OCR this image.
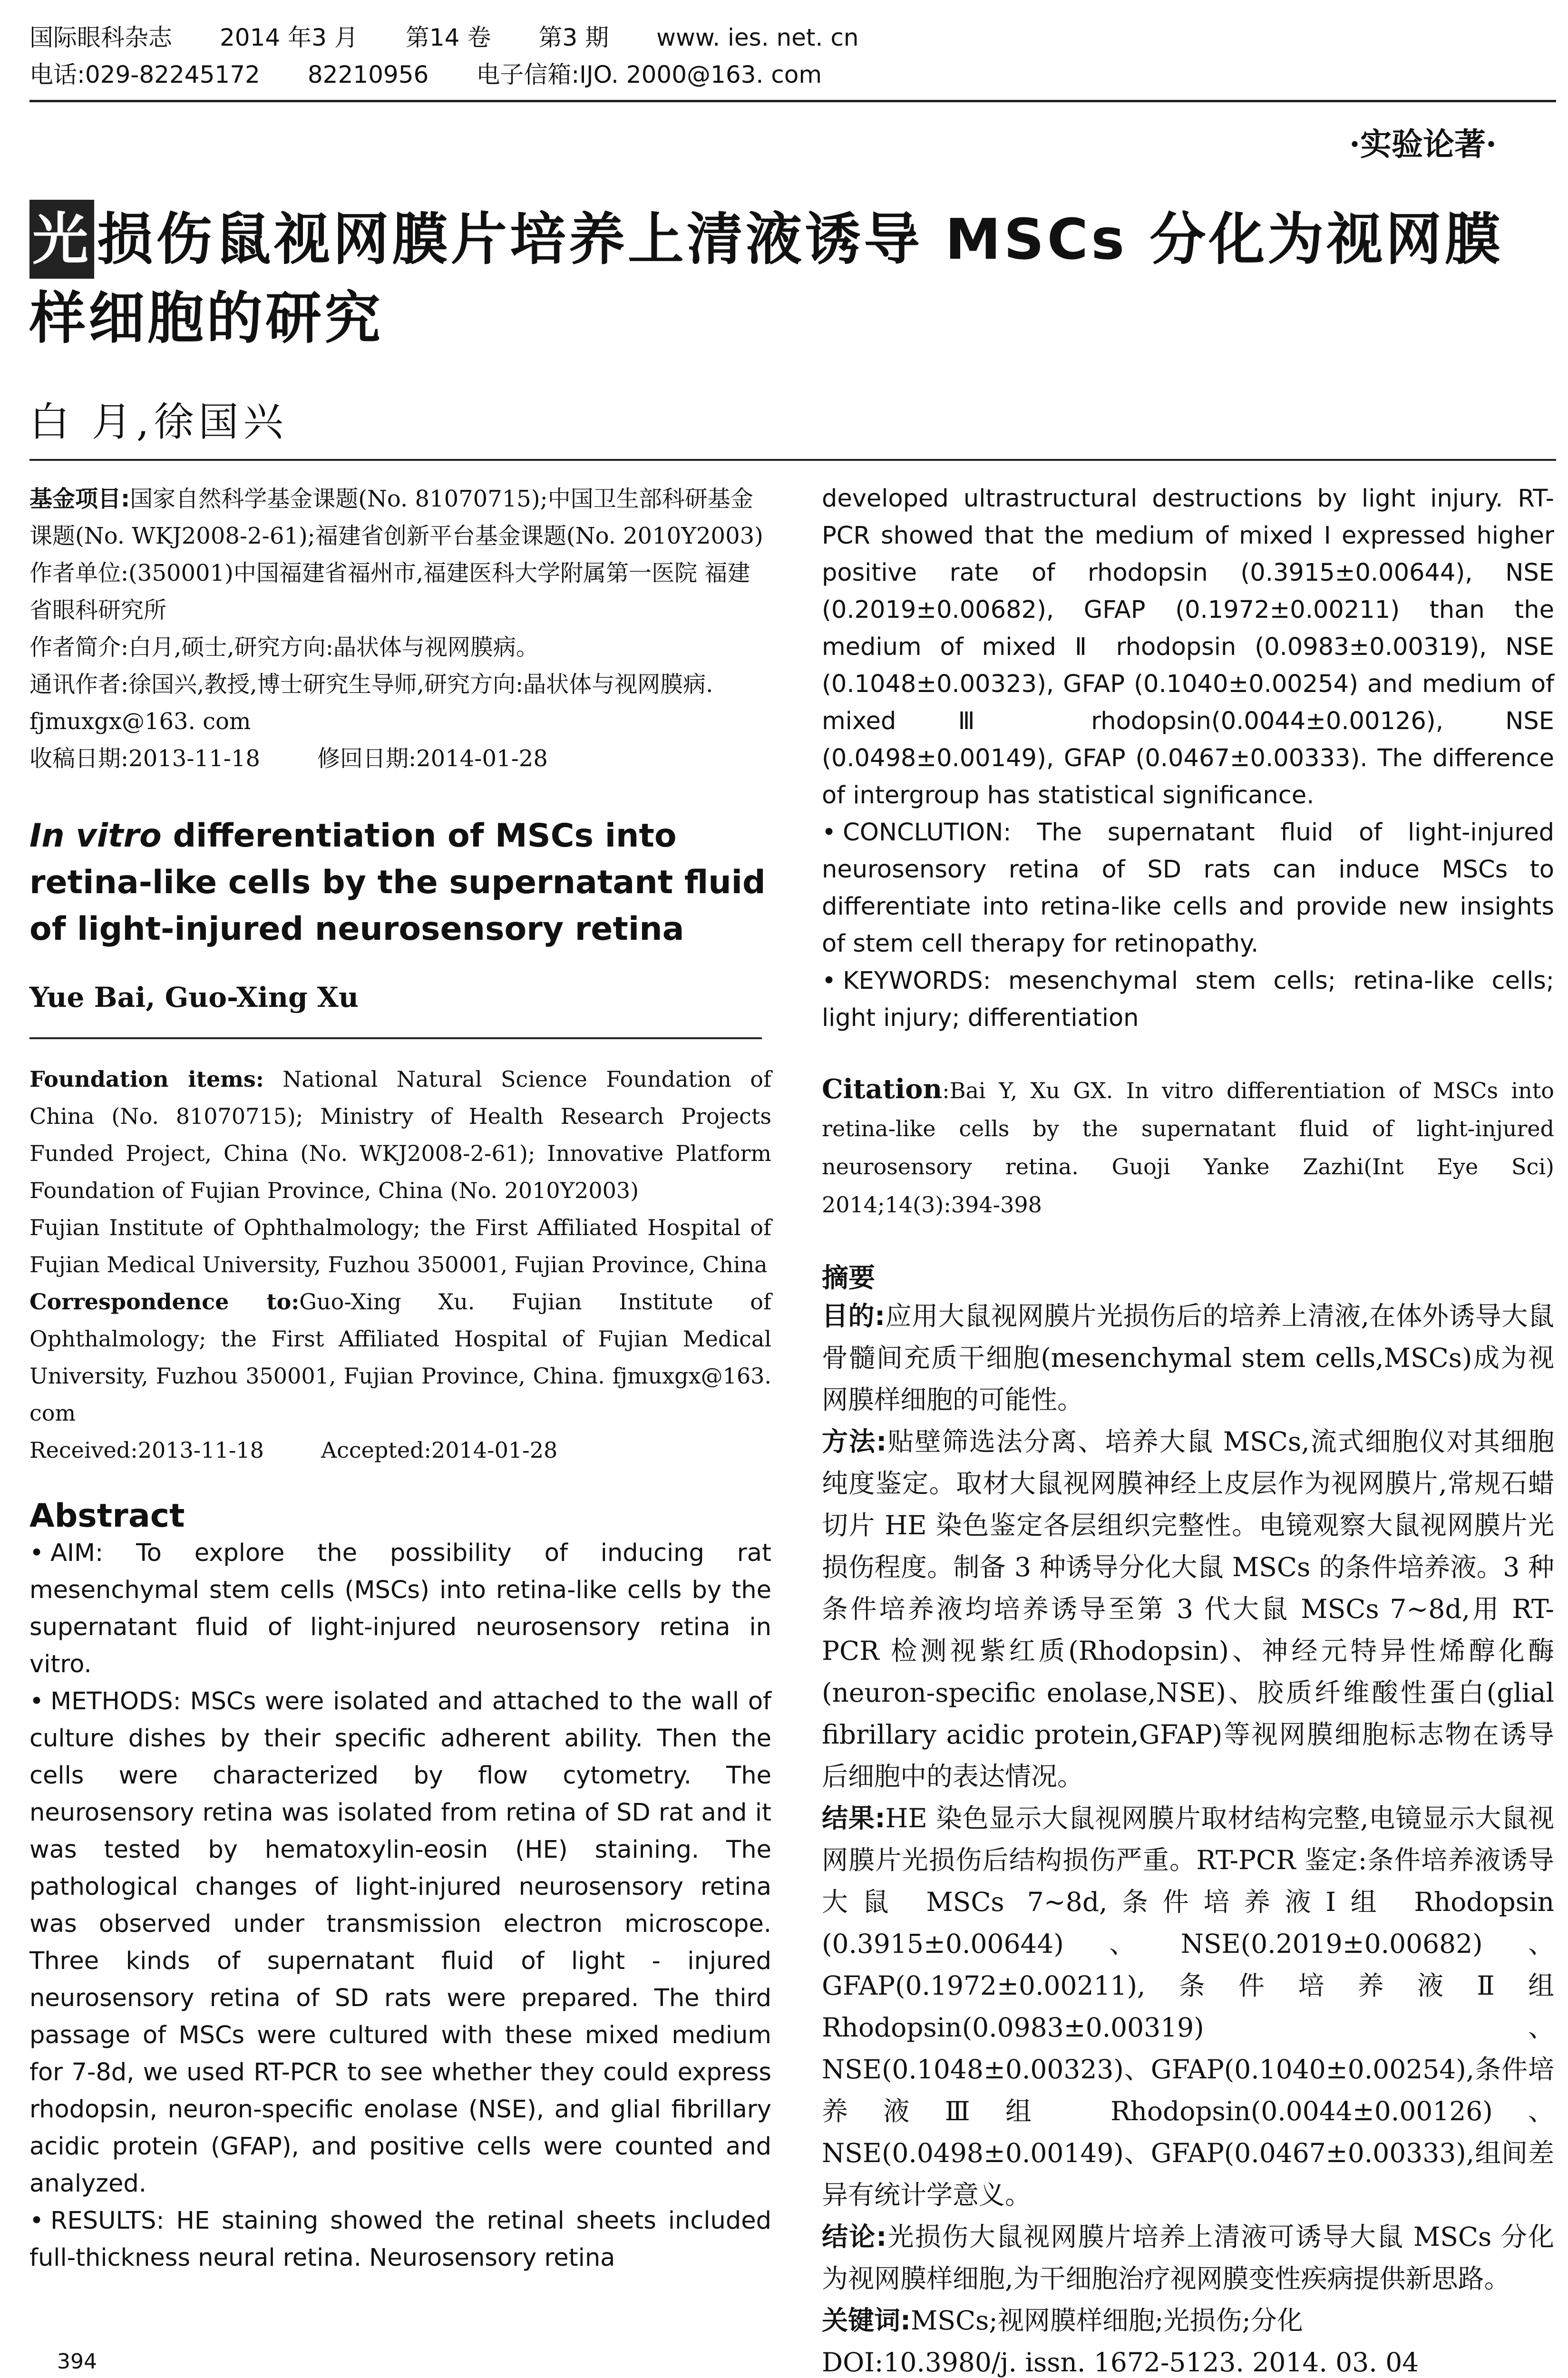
国际眼科杂志 2014 年3 月 第14 卷 第3 期 www. ies. net. cn
电话:029-82245172 82210956 电子信箱:IJO. 2000@163. com
·实验论著·
光 损伤鼠视网膜片培养上清液诱导 MSCs 分化为视网膜样细胞的研究
白 月,徐国兴

基金项目:国家自然科学基金课题(No. 81070715);中国卫生部科研基金课题(No. WKJ2008-2-61);福建省创新平台基金课题(No. 2010Y2003)

作者单位:(350001)中国福建省福州市,福建医科大学附属第一医院 福建省眼科研究所

作者简介:白月,硕士,研究方向:晶状体与视网膜病。

通讯作者:徐国兴,教授,博士研究生导师,研究方向:晶状体与视网膜病. fjmuxgx@163. com

收稿日期:2013-11-18	修回日期:2014-01-28

In vitro differentiation of MSCs into retina-like cells by the supernatant fluid of light-injured neurosensory retina
Yue Bai, Guo-Xing Xu

Foundation items: National Natural Science Foundation of China (No. 81070715); Ministry of Health Research Projects Funded Project, China (No. WKJ2008-2-61); Innovative Platform Foundation of Fujian Province, China (No. 2010Y2003)

Fujian Institute of Ophthalmology; the First Affiliated Hospital of Fujian Medical University, Fuzhou 350001, Fujian Province, China

Correspondence to:Guo-Xing Xu. Fujian Institute of Ophthalmology; the First Affiliated Hospital of Fujian Medical University, Fuzhou 350001, Fujian Province, China. fjmuxgx@163. com

Received:2013-11-18	Accepted:2014-01-28

Abstract

• AIM: To explore the possibility of inducing rat mesenchymal stem cells (MSCs) into retina-like cells by the supernatant fluid of light-injured neurosensory retina in vitro.

• METHODS: MSCs were isolated and attached to the wall of culture dishes by their specific adherent ability. Then the cells were characterized by flow cytometry. The neurosensory retina was isolated from retina of SD rat and it was tested by hematoxylin-eosin (HE) staining. The pathological changes of light-injured neurosensory retina was observed under transmission electron microscope. Three kinds of supernatant fluid of light - injured neurosensory retina of SD rats were prepared. The third passage of MSCs were cultured with these mixed medium for 7-8d, we used RT-PCR to see whether they could express rhodopsin, neuron-specific enolase (NSE), and glial fibrillary acidic protein (GFAP), and positive cells were counted and analyzed.

• RESULTS: HE staining showed the retinal sheets included full-thickness neural retina. Neurosensory retina

developed ultrastructural destructions by light injury. RT-PCR showed that the medium of mixed I expressed higher positive rate of rhodopsin (0.3915±0.00644), NSE (0.2019±0.00682), GFAP (0.1972±0.00211) than the medium of mixed Ⅱ rhodopsin (0.0983±0.00319), NSE (0.1048±0.00323), GFAP (0.1040±0.00254) and medium of mixed Ⅲ rhodopsin(0.0044±0.00126), NSE (0.0498±0.00149), GFAP (0.0467±0.00333). The difference of intergroup has statistical significance.

• CONCLUTION: The supernatant fluid of light-injured neurosensory retina of SD rats can induce MSCs to differentiate into retina-like cells and provide new insights of stem cell therapy for retinopathy.

• KEYWORDS: mesenchymal stem cells; retina-like cells; light injury; differentiation

Citation:Bai Y, Xu GX. In vitro differentiation of MSCs into retina-like cells by the supernatant fluid of light-injured neurosensory retina. Guoji Yanke Zazhi(Int Eye Sci) 2014;14(3):394-398
摘要

目的:应用大鼠视网膜片光损伤后的培养上清液,在体外诱导大鼠骨髓间充质干细胞(mesenchymal stem cells,MSCs)成为视网膜样细胞的可能性。

方法:贴壁筛选法分离、培养大鼠 MSCs,流式细胞仪对其细胞纯度鉴定。取材大鼠视网膜神经上皮层作为视网膜片,常规石蜡切片 HE 染色鉴定各层组织完整性。电镜观察大鼠视网膜片光损伤程度。制备 3 种诱导分化大鼠 MSCs 的条件培养液。3 种条件培养液均培养诱导至第 3 代大鼠 MSCs 7~8d,用 RT-PCR 检测视紫红质(Rhodopsin)、神经元特异性烯醇化酶(neuron-specific enolase,NSE)、胶质纤维酸性蛋白(glial fibrillary acidic protein,GFAP)等视网膜细胞标志物在诱导后细胞中的表达情况。

结果:HE 染色显示大鼠视网膜片取材结构完整,电镜显示大鼠视网膜片光损伤后结构损伤严重。RT-PCR 鉴定:条件培养液诱导大鼠 MSCs 7~8d,条件培养液Ⅰ组 Rhodopsin (0.3915±0.00644)、NSE(0.2019±0.00682)、GFAP(0.1972±0.00211),条件培养液Ⅱ组 Rhodopsin(0.0983±0.00319)、NSE(0.1048±0.00323)、GFAP(0.1040±0.00254),条件培养液Ⅲ组 Rhodopsin(0.0044±0.00126)、NSE(0.0498±0.00149)、GFAP(0.0467±0.00333),组间差异有统计学意义。

结论:光损伤大鼠视网膜片培养上清液可诱导大鼠 MSCs 分化为视网膜样细胞,为干细胞治疗视网膜变性疾病提供新思路。

关键词:MSCs;视网膜样细胞;光损伤;分化

DOI:10.3980/j. issn. 1672-5123. 2014. 03. 04

394
